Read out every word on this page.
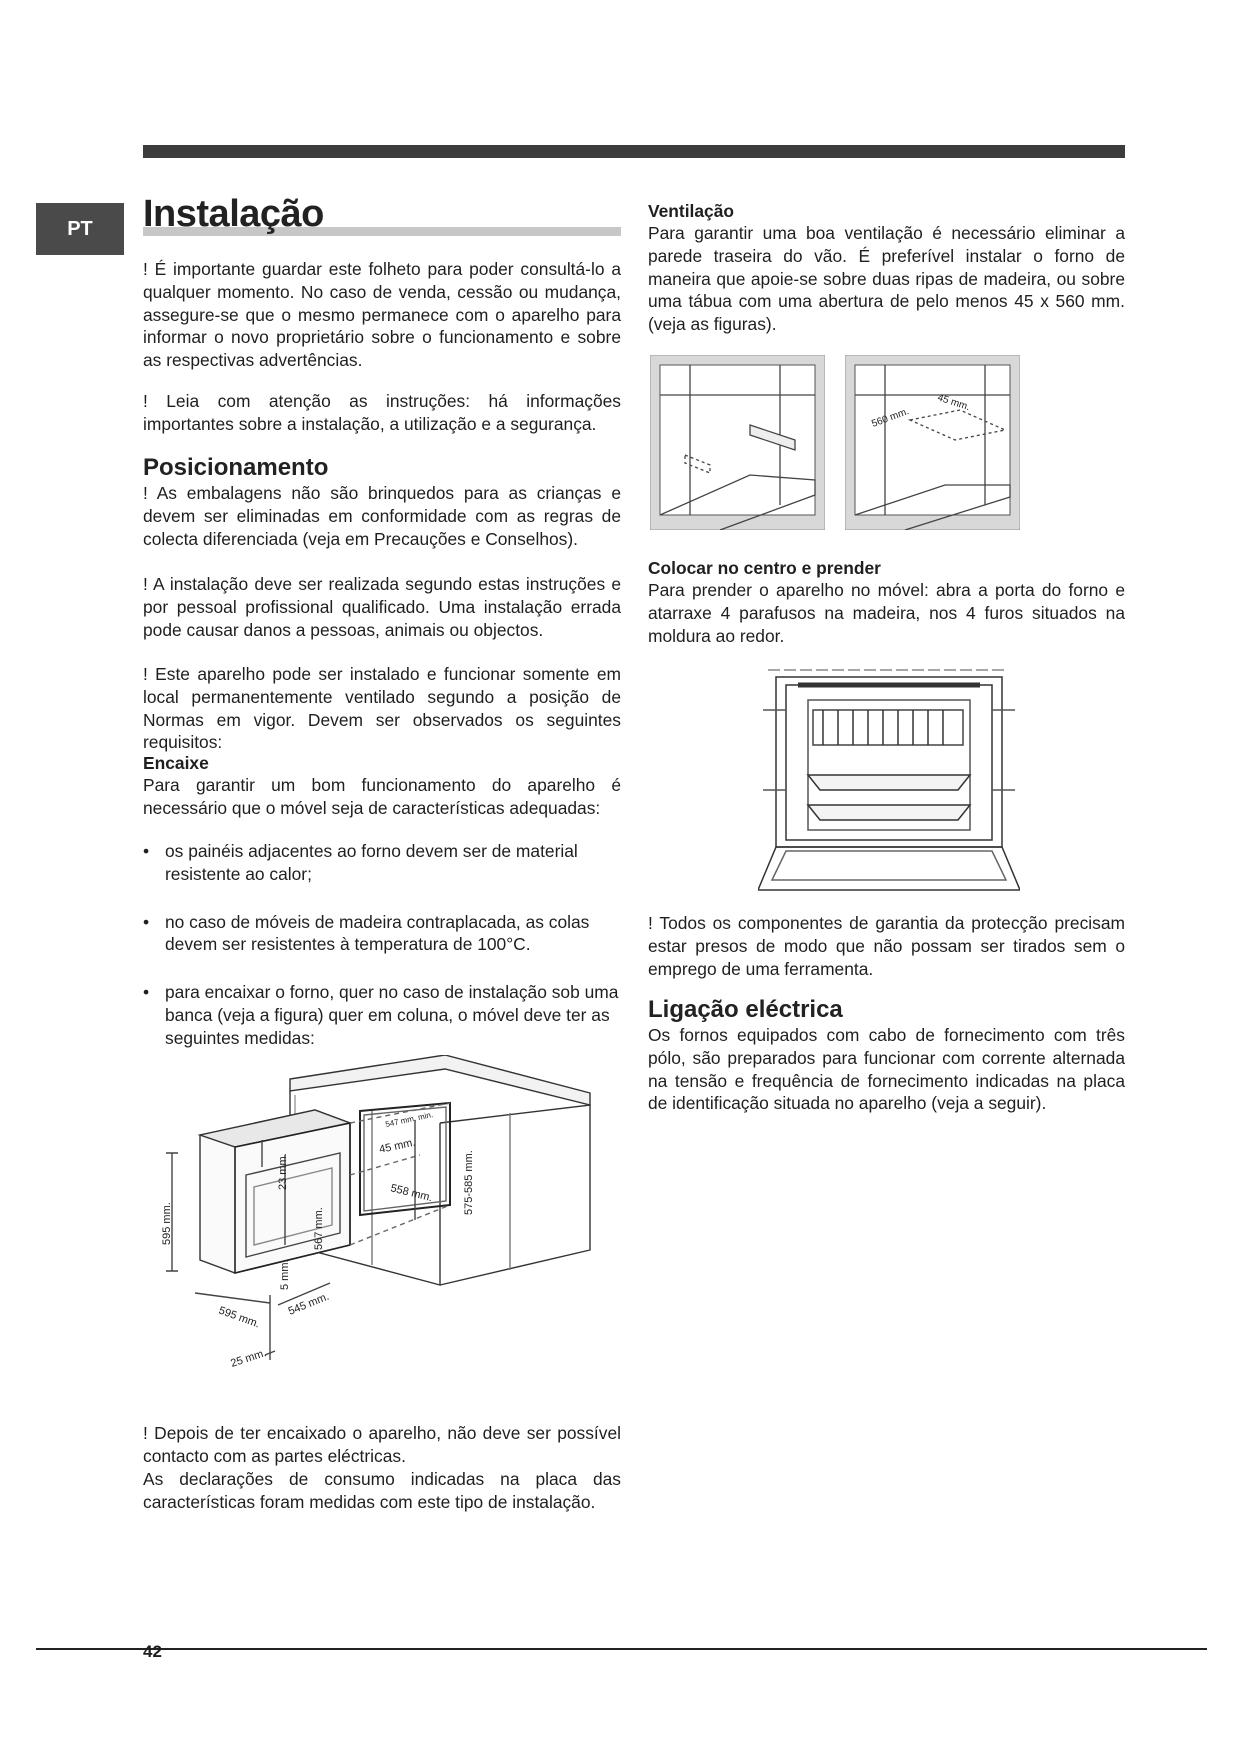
PT	Instalação
! É importante guardar este folheto para poder consultá-lo a qualquer momento. No caso de venda, cessão ou mudança, assegure-se que o mesmo permanece com o aparelho para informar o novo proprietário sobre o funcionamento e sobre as respectivas advertências.
! Leia com atenção as instruções: há informações importantes sobre a instalação, a utilização e a segurança.
Posicionamento
! As embalagens não são brinquedos para as crianças e devem ser eliminadas em conformidade com as regras de colecta diferenciada (veja em Precauções e Conselhos).
! A instalação deve ser realizada segundo estas instruções e por pessoal profissional qualificado. Uma instalação errada pode causar danos a pessoas, animais ou objectos.
! Este aparelho pode ser instalado e funcionar somente em local permanentemente ventilado segundo a posição de Normas em vigor. Devem ser observados os seguintes requisitos:
Encaixe
Para garantir um bom funcionamento do aparelho é necessário que o móvel seja de características adequadas:
• os painéis adjacentes ao forno devem ser de material resistente ao calor;
• no caso de móveis de madeira contraplacada, as colas devem ser resistentes à temperatura de 100°C.
• para encaixar o forno, quer no caso de instalação sob uma banca (veja a figura) quer em coluna, o móvel deve ter as seguintes medidas:
595 mm.
23 mm.
567 mm.
5 mm.
595 mm. 545 mm.
25 mm.
547 mm. min.
45 mm.
558 mm.	575-585 mm.
! Depois de ter encaixado o aparelho, não deve ser possível contacto com as partes eléctricas.
As declarações de consumo indicadas na placa das características foram medidas com este tipo de instalação.
Ventilação
Para garantir uma boa ventilação é necessário eliminar a parede traseira do vão. É preferível instalar o forno de maneira que apoie-se sobre duas ripas de madeira, ou sobre uma tábua com uma abertura de pelo menos 45 x 560 mm. (veja as figuras).
560 mm.
45 mm.
Colocar no centro e prender
Para prender o aparelho no móvel: abra a porta do forno e atarraxe 4 parafusos na madeira, nos 4 furos situados na moldura ao redor.
! Todos os componentes de garantia da protecção precisam estar presos de modo que não possam ser tirados sem o emprego de uma ferramenta.
Ligação eléctrica
Os fornos equipados com cabo de fornecimento com três pólo, são preparados para funcionar com corrente alternada na tensão e frequência de fornecimento indicadas na placa de identificação situada no aparelho (veja a seguir).
42
